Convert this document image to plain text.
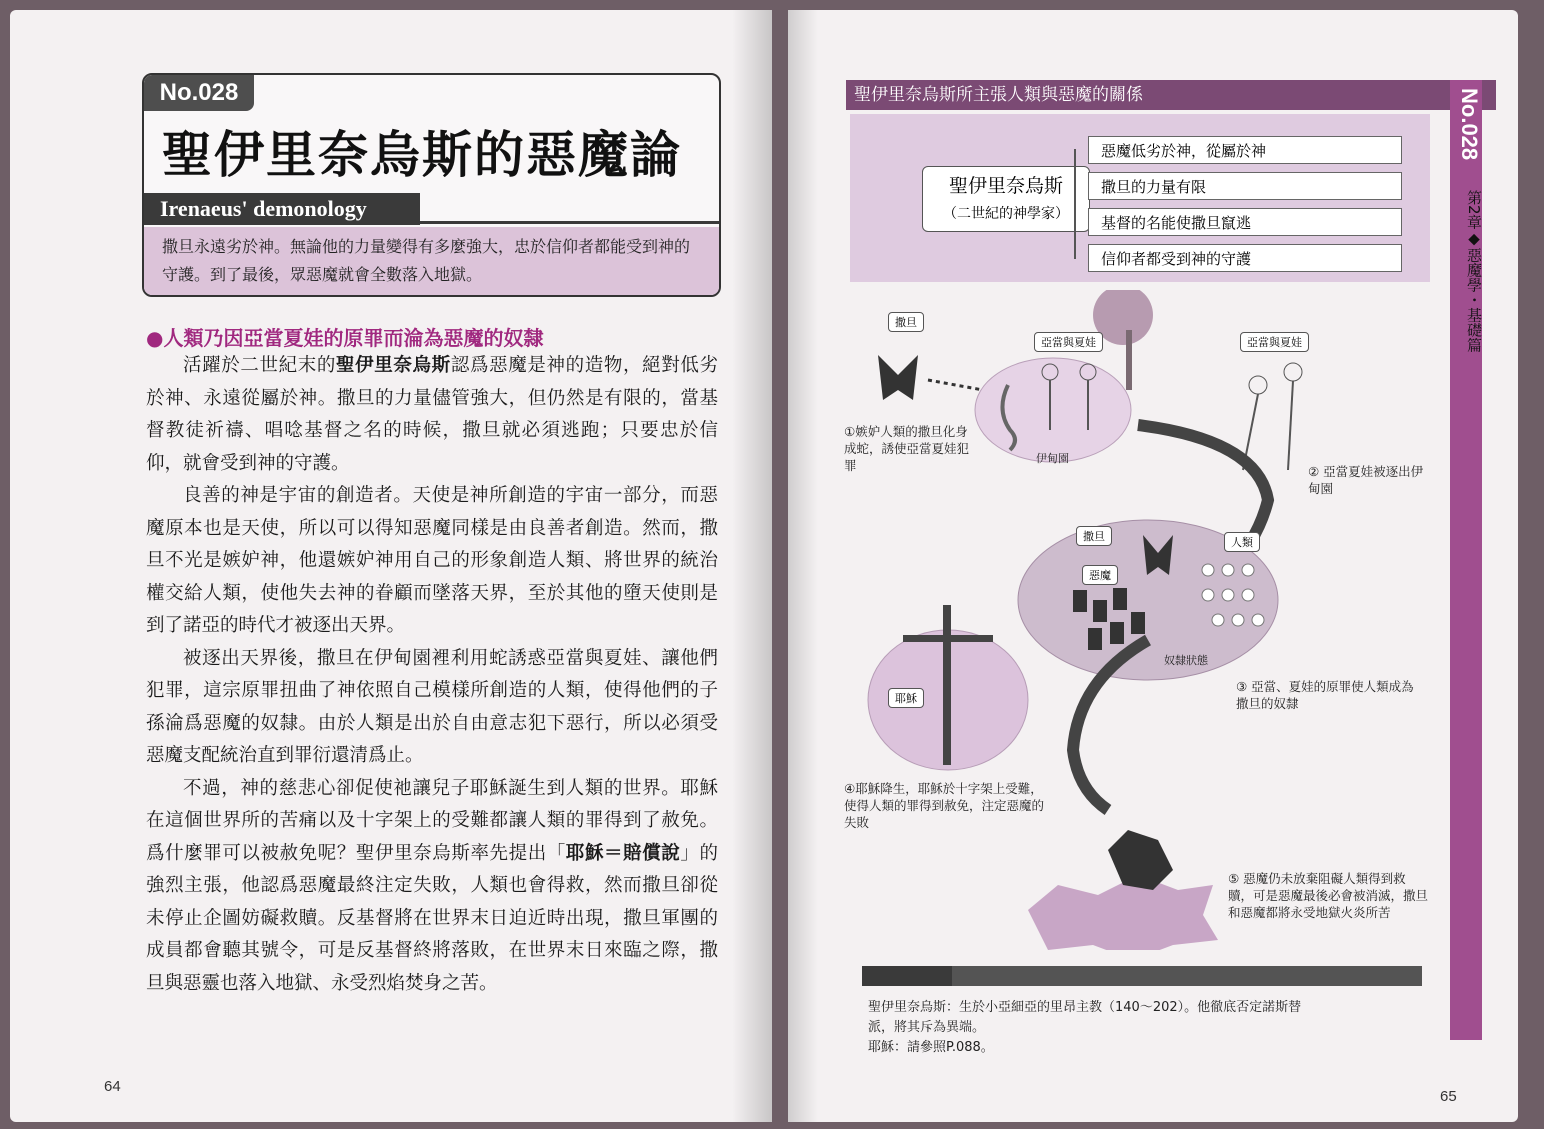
No.028
聖伊里奈烏斯的惡魔論
Irenaeus' demonology
撒旦永遠劣於神。無論他的力量變得有多麼強大，忠於信仰者都能受到神的守護。到了最後，眾惡魔就會全數落入地獄。
●人類乃因亞當夏娃的原罪而淪為惡魔的奴隸

活躍於二世紀末的聖伊里奈烏斯認爲惡魔是神的造物，絕對低劣於神、永遠從屬於神。撒旦的力量儘管強大，但仍然是有限的，當基督教徒祈禱、唱唸基督之名的時候，撒旦就必須逃跑；只要忠於信仰，就會受到神的守護。

良善的神是宇宙的創造者。天使是神所創造的宇宙一部分，而惡魔原本也是天使，所以可以得知惡魔同樣是由良善者創造。然而，撒旦不光是嫉妒神，他還嫉妒神用自己的形象創造人類、將世界的統治權交給人類，使他失去神的眷顧而墜落天界，至於其他的墮天使則是到了諾亞的時代才被逐出天界。

被逐出天界後，撒旦在伊甸園裡利用蛇誘惑亞當與夏娃、讓他們犯罪，這宗原罪扭曲了神依照自己模樣所創造的人類，使得他們的子孫淪爲惡魔的奴隸。由於人類是出於自由意志犯下惡行，所以必須受惡魔支配統治直到罪衍還清爲止。

不過，神的慈悲心卻促使祂讓兒子耶穌誕生到人類的世界。耶穌在這個世界所的苦痛以及十字架上的受難都讓人類的罪得到了赦免。爲什麼罪可以被赦免呢？聖伊里奈烏斯率先提出「耶穌＝賠償說」的強烈主張，他認爲惡魔最終注定失敗，人類也會得救，然而撒旦卻從未停止企圖妨礙救贖。反基督將在世界末日迫近時出現，撒旦軍團的成員都會聽其號令，可是反基督終將落敗，在世界末日來臨之際，撒旦與惡靈也落入地獄、永受烈焰焚身之苦。

64
聖伊里奈烏斯所主張人類與惡魔的關係
聖伊里奈烏斯
（二世紀的神學家）
惡魔低劣於神，從屬於神
撒旦的力量有限
基督的名能使撒旦竄逃
信仰者都受到神的守護
撒旦
亞當與夏娃	亞當與夏娃
伊甸園
撒旦	人類
惡魔
奴隸狀態
耶穌
①嫉妒人類的撒旦化身成蛇，誘使亞當夏娃犯罪	② 亞當夏娃被逐出伊甸園
③ 亞當、夏娃的原罪使人類成為撒旦的奴隸
④耶穌降生，耶穌於十字架上受難，使得人類的罪得到赦免，注定惡魔的失敗
⑤ 惡魔仍未放棄阻礙人類得到救贖，可是惡魔最後必會被消滅，撒旦和惡魔都將永受地獄火炎所苦
No.028
第2章◆惡魔學・基礎篇
聖伊里奈烏斯：生於小亞細亞的里昂主教（140〜202）。他徹底否定諾斯替
派，將其斥為異端。
耶穌：請參照P.088。
65
